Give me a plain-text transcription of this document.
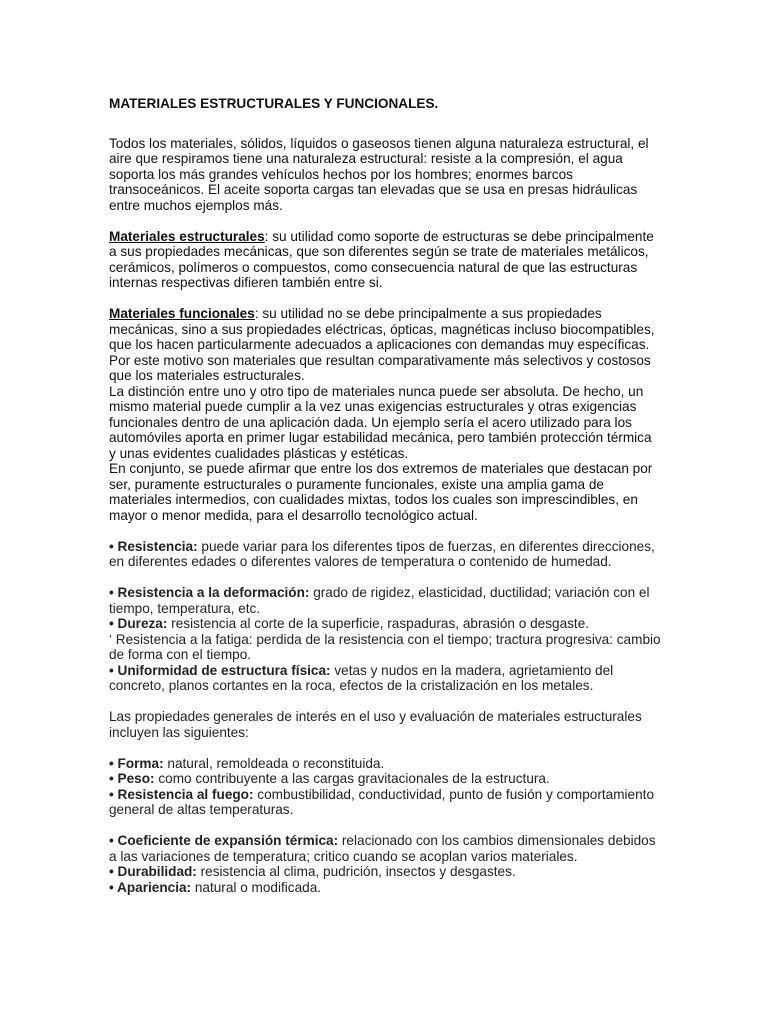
MATERIALES ESTRUCTURALES Y FUNCIONALES.

Todos los materiales, sólidos, líquidos o gaseosos tienen alguna naturaleza estructural, el aire que respiramos tiene una naturaleza estructural: resiste a la compresión, el agua soporta los más grandes vehículos hechos por los hombres; enormes barcos transoceánicos. El aceite soporta cargas tan elevadas que se usa en presas hidráulicas entre muchos ejemplos más.

Materiales estructurales: su utilidad como soporte de estructuras se debe principalmente a sus propiedades mecánicas, que son diferentes según se trate de materiales metálicos, cerámicos, polímeros o compuestos, como consecuencia natural de que las estructuras internas respectivas difieren también entre si.

Materiales funcionales: su utilidad no se debe principalmente a sus propiedades mecánicas, sino a sus propiedades eléctricas, ópticas, magnéticas incluso biocompatibles, que los hacen particularmente adecuados a aplicaciones con demandas muy específicas.

Por este motivo son materiales que resultan comparativamente más selectivos y costosos que los materiales estructurales.

La distinción entre uno y otro tipo de materiales nunca puede ser absoluta. De hecho, un mismo material puede cumplir a la vez unas exigencias estructurales y otras exigencias funcionales dentro de una aplicación dada. Un ejemplo sería el acero utilizado para los automóviles aporta en primer lugar estabilidad mecánica, pero también protección térmica y unas evidentes cualidades plásticas y estéticas.

En conjunto, se puede afirmar que entre los dos extremos de materiales que destacan por ser, puramente estructurales o puramente funcionales, existe una amplia gama de materiales intermedios, con cualidades mixtas, todos los cuales son imprescindibles, en mayor o menor medida, para el desarrollo tecnológico actual.

• Resistencia: puede variar para los diferentes tipos de fuerzas, en diferentes direcciones, en diferentes edades o diferentes valores de temperatura o contenido de humedad.

• Resistencia a la deformación: grado de rigidez, elasticidad, ductilidad; variación con el tiempo, temperatura, etc.

• Dureza: resistencia al corte de la superficie, raspaduras, abrasión o desgaste.

‘ Resistencia a la fatiga: perdida de la resistencia con el tiempo; tractura progresiva: cambio de forma con el tiempo.

• Uniformidad de estructura física: vetas y nudos en la madera, agrietamiento del concreto, planos cortantes en la roca, efectos de la cristalización en los metales.

Las propiedades generales de interés en el uso y evaluación de materiales estructurales incluyen las siguientes:

• Forma: natural, remoldeada o reconstituida.

• Peso: como contribuyente a las cargas gravitacionales de la estructura.

• Resistencia al fuego: combustibilidad, conductividad, punto de fusión y comportamiento general de altas temperaturas.

• Coeficiente de expansión térmica: relacionado con los cambios dimensionales debidos a las variaciones de temperatura; critico cuando se acoplan varios materiales.

• Durabilidad: resistencia al clima, pudrición, insectos y desgastes.

• Apariencia: natural o modificada.
